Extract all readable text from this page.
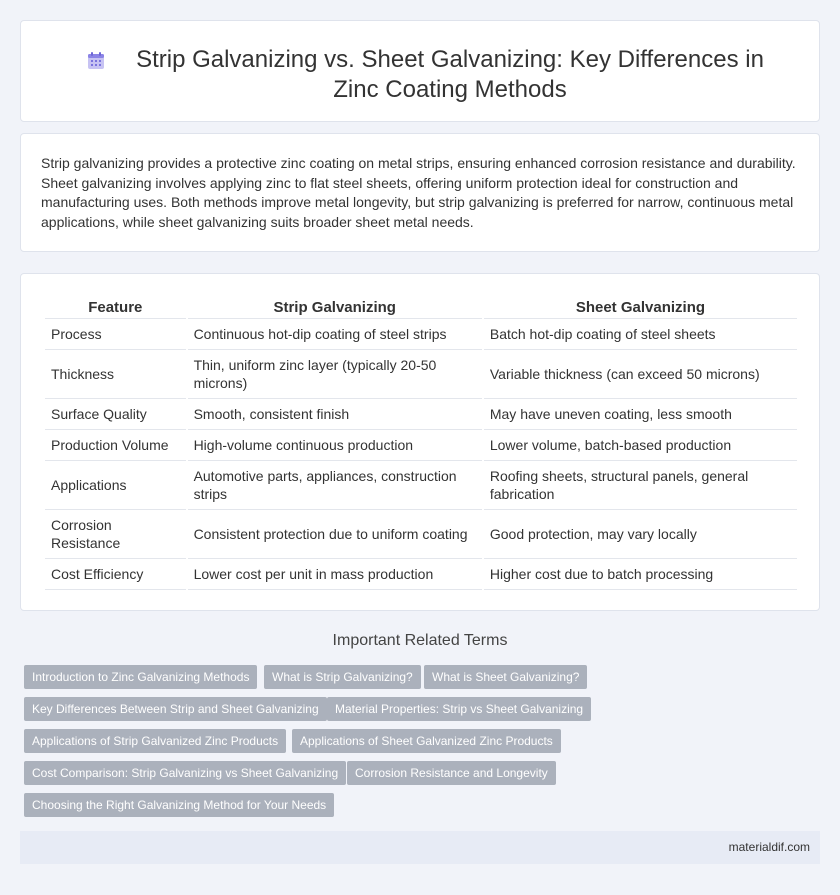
Strip Galvanizing vs. Sheet Galvanizing: Key Differences in Zinc Coating Methods

Strip galvanizing provides a protective zinc coating on metal strips, ensuring enhanced corrosion resistance and durability. Sheet galvanizing involves applying zinc to flat steel sheets, offering uniform protection ideal for construction and manufacturing uses. Both methods improve metal longevity, but strip galvanizing is preferred for narrow, continuous metal applications, while sheet galvanizing suits broader sheet metal needs.

Feature	Strip Galvanizing	Sheet Galvanizing
Process	Continuous hot-dip coating of steel strips	Batch hot-dip coating of steel sheets
Thickness	Thin, uniform zinc layer (typically 20-50 microns)	Variable thickness (can exceed 50 microns)
Surface Quality	Smooth, consistent finish	May have uneven coating, less smooth
Production Volume	High-volume continuous production	Lower volume, batch-based production
Applications	Automotive parts, appliances, construction strips	Roofing sheets, structural panels, general fabrication
Corrosion Resistance	Consistent protection due to uniform coating	Good protection, may vary locally
Cost Efficiency	Lower cost per unit in mass production	Higher cost due to batch processing
Important Related Terms
Introduction to Zinc Galvanizing Methods	What is Strip Galvanizing?	What is Sheet Galvanizing?
Key Differences Between Strip and Sheet Galvanizing	Material Properties: Strip vs Sheet Galvanizing
Applications of Strip Galvanized Zinc Products	Applications of Sheet Galvanized Zinc Products
Cost Comparison: Strip Galvanizing vs Sheet Galvanizing	Corrosion Resistance and Longevity
Choosing the Right Galvanizing Method for Your Needs
materialdif.com
